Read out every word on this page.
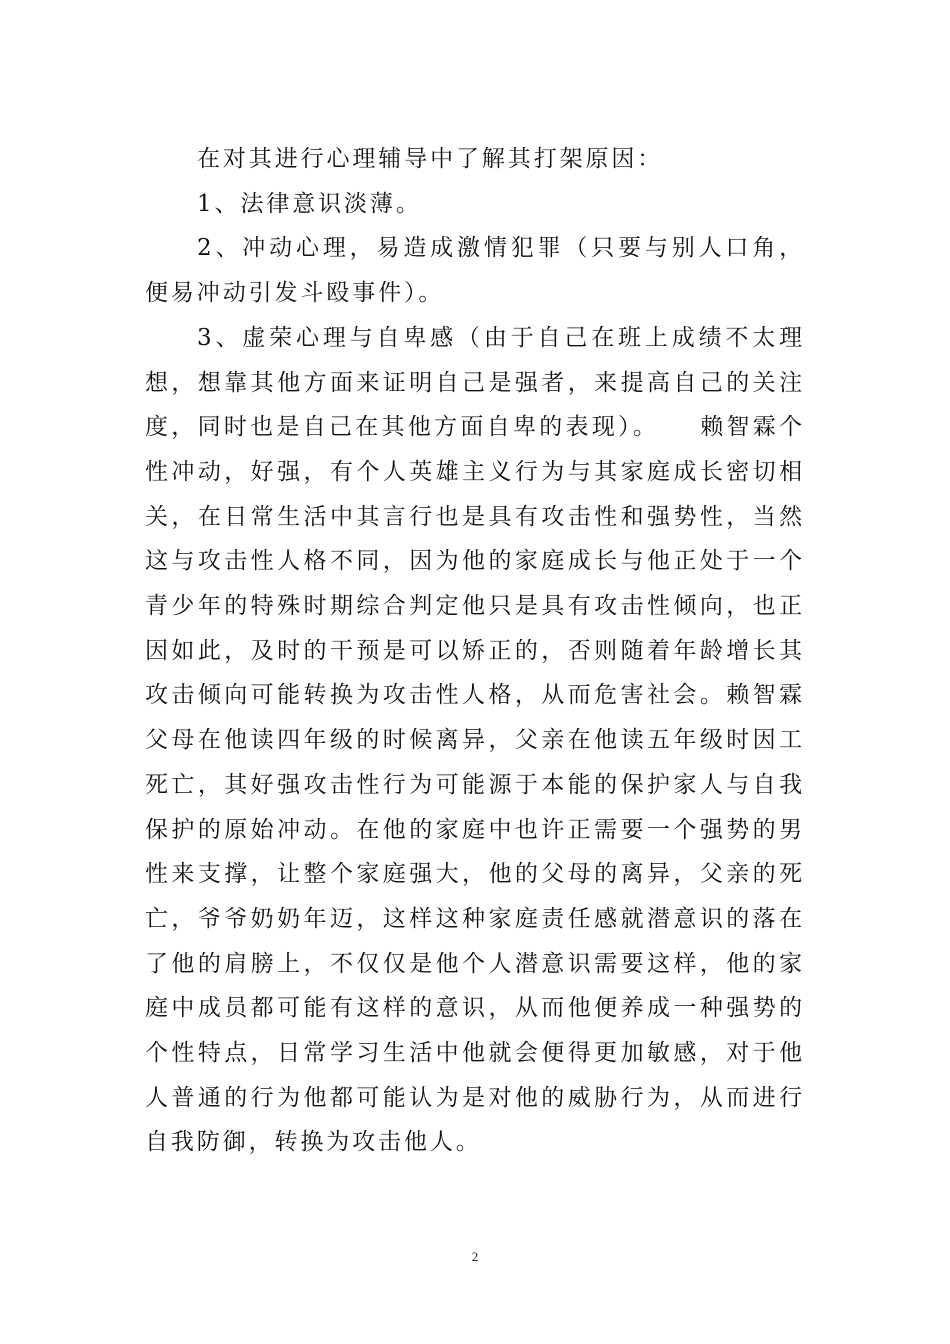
在对其进行心理辅导中了解其打架原因：

1、法律意识淡薄。

2、冲动心理，易造成激情犯罪（只要与别人口角，便易冲动引发斗殴事件）。

3、虚荣心理与自卑感（由于自己在班上成绩不太理想，想靠其他方面来证明自己是强者，来提高自己的关注度，同时也是自己在其他方面自卑的表现）。　　赖智霖个性冲动，好强，有个人英雄主义行为与其家庭成长密切相关，在日常生活中其言行也是具有攻击性和强势性，当然这与攻击性人格不同，因为他的家庭成长与他正处于一个青少年的特殊时期综合判定他只是具有攻击性倾向，也正因如此，及时的干预是可以矫正的，否则随着年龄增长其攻击倾向可能转换为攻击性人格，从而危害社会。赖智霖父母在他读四年级的时候离异，父亲在他读五年级时因工死亡，其好强攻击性行为可能源于本能的保护家人与自我保护的原始冲动。在他的家庭中也许正需要一个强势的男性来支撑，让整个家庭强大，他的父母的离异，父亲的死亡，爷爷奶奶年迈，这样这种家庭责任感就潜意识的落在了他的肩膀上，不仅仅是他个人潜意识需要这样，他的家庭中成员都可能有这样的意识，从而他便养成一种强势的个性特点，日常学习生活中他就会便得更加敏感，对于他人普通的行为他都可能认为是对他的威胁行为，从而进行自我防御，转换为攻击他人。

2
